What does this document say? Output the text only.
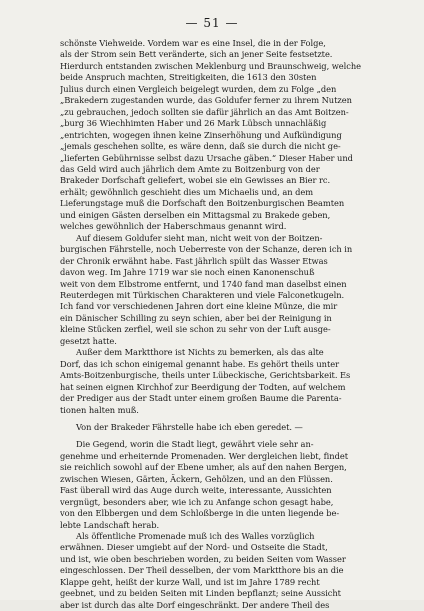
— 51 —
schönste Viehweide. Vordem war es eine Insel, die in der Folge,
als der Strom sein Bett veränderte, sich an jener Seite festsetzte.
Hierdurch entstanden zwischen Meklenburg und Braunschweig, welche
beide Anspruch machten, Streitigkeiten, die 1613 den 30sten
Julius durch einen Vergleich beigelegt wurden, dem zu Folge „den
„Brakedern zugestanden wurde, das Goldufer ferner zu ihrem Nutzen
„zu gebrauchen, jedoch sollten sie dafür jährlich an das Amt Boitzen-
„burg 36 Wiechhimten Haber und 26 Mark Lübsch unnachläßig
„entrichten, wogegen ihnen keine Zinserhöhung und Aufkündigung
„jemals geschehen sollte, es wäre denn, daß sie durch die nicht ge-
„lieferten Gebührnisse selbst dazu Ursache gäben.“ Dieser Haber und
das Geld wird auch jährlich dem Amte zu Boitzenburg von der
Brakeder Dorfschaft geliefert, wobei sie ein Gewisses an Bier rc.
erhält; gewöhnlich geschieht dies um Michaelis und, an dem
Lieferungstage muß die Dorfschaft den Boitzenburgischen Beamten
und einigen Gästen derselben ein Mittagsmal zu Brakede geben,
welches gewöhnlich der Haberschmaus genannt wird.
Auf diesem Goldufer sieht man, nicht weit von der Boitzen-
burgischen Fährstelle, noch Ueberreste von der Schanze, deren ich in
der Chronik erwähnt habe. Fast jährlich spült das Wasser Etwas
davon weg. Im Jahre 1719 war sie noch einen Kanonenschuß
weit von dem Elbstrome entfernt, und 1740 fand man daselbst einen
Reuterdegen mit Türkischen Charakteren und viele Falconetkugeln.
Ich fand vor verschiedenen Jahren dort eine kleine Münze, die mir
ein Dänischer Schilling zu seyn schien, aber bei der Reinigung in
kleine Stücken zerfiel, weil sie schon zu sehr von der Luft ausge-
gesetzt hatte.
Außer dem Marktthore ist Nichts zu bemerken, als das alte
Dorf, das ich schon einigemal genannt habe. Es gehört theils unter
Amts-Boitzenburgische, theils unter Lübeckische, Gerichtsbarkeit. Es
hat seinen eignen Kirchhof zur Beerdigung der Todten, auf welchem
der Prediger aus der Stadt unter einem großen Baume die Parenta-
tionen halten muß.
Von der Brakeder Fährstelle habe ich eben geredet. —
Die Gegend, worin die Stadt liegt, gewährt viele sehr an-
genehme und erheiternde Promenaden. Wer dergleichen liebt, findet
sie reichlich sowohl auf der Ebene umher, als auf den nahen Bergen,
zwischen Wiesen, Gärten, Äckern, Gehölzen, und an den Flüssen.
Fast überall wird das Auge durch weite, interessante, Aussichten
vergnügt, besonders aber, wie ich zu Anfange schon gesagt habe,
von den Elbbergen und dem Schloßberge in die unten liegende be-
lebte Landschaft herab.
Als öffentliche Promenade muß ich des Walles vorzüglich
erwähnen. Dieser umgiebt auf der Nord- und Ostseite die Stadt,
und ist, wie oben beschrieben worden, zu beiden Seiten vom Wasser
eingeschlossen. Der Theil desselben, der vom Marktthore bis an die
Klappe geht, heißt der kurze Wall, und ist im Jahre 1789 recht
geebnet, und zu beiden Seiten mit Linden bepflanzt; seine Aussicht
aber ist durch das alte Dorf eingeschränkt. Der andere Theil des
